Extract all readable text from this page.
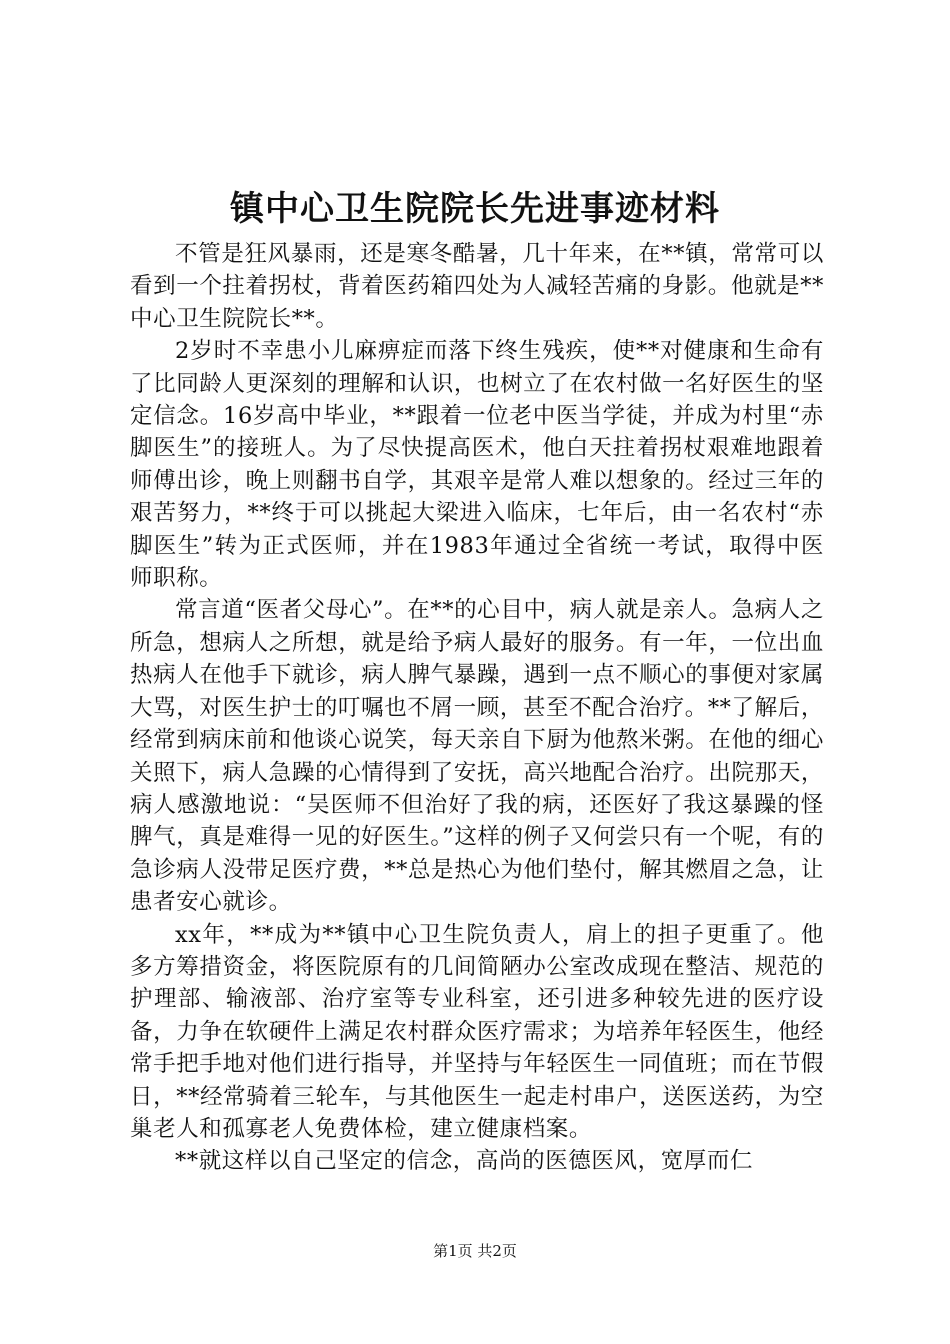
镇中心卫生院院长先进事迹材料

不管是狂风暴雨，还是寒冬酷暑，几十年来，在**镇，常常可以看到一个拄着拐杖，背着医药箱四处为人减轻苦痛的身影。他就是**中心卫生院院长**。

2岁时不幸患小儿麻痹症而落下终生残疾，使**对健康和生命有了比同龄人更深刻的理解和认识，也树立了在农村做一名好医生的坚定信念。16岁高中毕业，**跟着一位老中医当学徒，并成为村里“赤脚医生”的接班人。为了尽快提高医术，他白天拄着拐杖艰难地跟着师傅出诊，晚上则翻书自学，其艰辛是常人难以想象的。经过三年的艰苦努力，**终于可以挑起大梁进入临床，七年后，由一名农村“赤脚医生”转为正式医师，并在1983年通过全省统一考试，取得中医师职称。

常言道“医者父母心”。在**的心目中，病人就是亲人。急病人之所急，想病人之所想，就是给予病人最好的服务。有一年，一位出血热病人在他手下就诊，病人脾气暴躁，遇到一点不顺心的事便对家属大骂，对医生护士的叮嘱也不屑一顾，甚至不配合治疗。**了解后，经常到病床前和他谈心说笑，每天亲自下厨为他熬米粥。在他的细心关照下，病人急躁的心情得到了安抚，高兴地配合治疗。出院那天，病人感激地说：“吴医师不但治好了我的病，还医好了我这暴躁的怪脾气，真是难得一见的好医生。”这样的例子又何尝只有一个呢，有的急诊病人没带足医疗费，**总是热心为他们垫付，解其燃眉之急，让患者安心就诊。

xx年，**成为**镇中心卫生院负责人，肩上的担子更重了。他多方筹措资金，将医院原有的几间简陋办公室改成现在整洁、规范的护理部、输液部、治疗室等专业科室，还引进多种较先进的医疗设备，力争在软硬件上满足农村群众医疗需求；为培养年轻医生，他经常手把手地对他们进行指导，并坚持与年轻医生一同值班；而在节假日，**经常骑着三轮车，与其他医生一起走村串户，送医送药，为空巢老人和孤寡老人免费体检，建立健康档案。

**就这样以自己坚定的信念，高尚的医德医风，宽厚而仁

第1页 共2页
